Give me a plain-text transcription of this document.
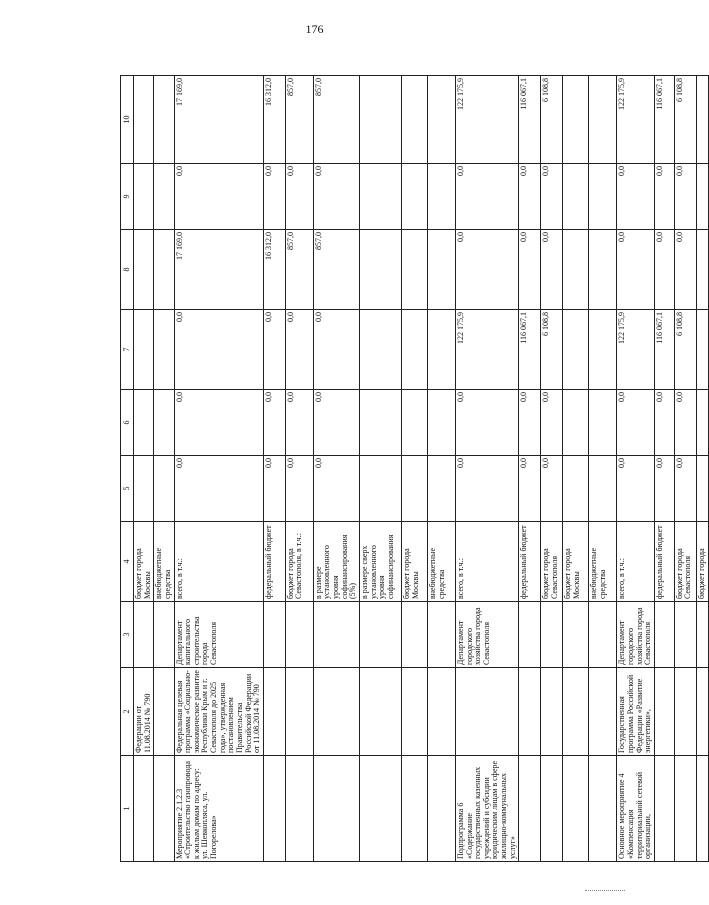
176
1	2	3	4	5	6	7	8	9	10
	Федерации от 11.08.2014 № 790		бюджет города Москвы						
			внебюджетные средства						
Мероприятие 2.1.2.3 «Строительство газопровода к жилым домам по адресу: ул. Шевкопляса, ул. Погорелова»	Федеральная целевая программа «Социально-экономическое развитие Республики Крым и г. Севастополя до 2025 года», утвержденная постановлением Правительства Российской Федерации от 11.08.2014 № 790	Департамент капитального строительства города Севастополя	всего, в т.ч.:	0,0	0,0	0,0	17 169,0	0,0	17 169,0
			федеральный бюджет	0,0	0,0	0,0	16 312,0	0,0	16 312,0
			бюджет города Севастополя, в т.ч.:	0,0	0,0	0,0	857,0	0,0	857,0
			в размере установленного уровня софинансирования (5%)	0,0	0,0	0,0	857,0	0,0	857,0
			в размере сверх установленного уровня софинансирования						
			бюджет города Москвы						
			внебюджетные средства						
Подпрограмма 6 «Содержание государственных казенных учреждений и субсидии юридическим лицам в сфере жилищно-коммунальных услуг»		Департамент городского хозяйства города Севастополя	всего, в т.ч.:	0,0	0,0	122 175,9	0,0	0,0	122 175,9
			федеральный бюджет	0,0	0,0	116 067,1	0,0	0,0	116 067,1
			бюджет города Севастополя	0,0	0,0	6 108,8	0,0	0,0	6 108,8
			бюджет города Москвы						
			внебюджетные средства						
Основное мероприятие 4 «Компенсация территориальной сетевой организации,	Государственная программа Российской Федерации «Развитие энергетики»,	Департамент городского хозяйства города Севастополя	всего, в т.ч.:	0,0	0,0	122 175,9	0,0	0,0	122 175,9
			федеральный бюджет	0,0	0,0	116 067,1	0,0	0,0	116 067,1
			бюджет города Севастополя	0,0	0,0	6 108,8	0,0	0,0	6 108,8
			бюджет города						
